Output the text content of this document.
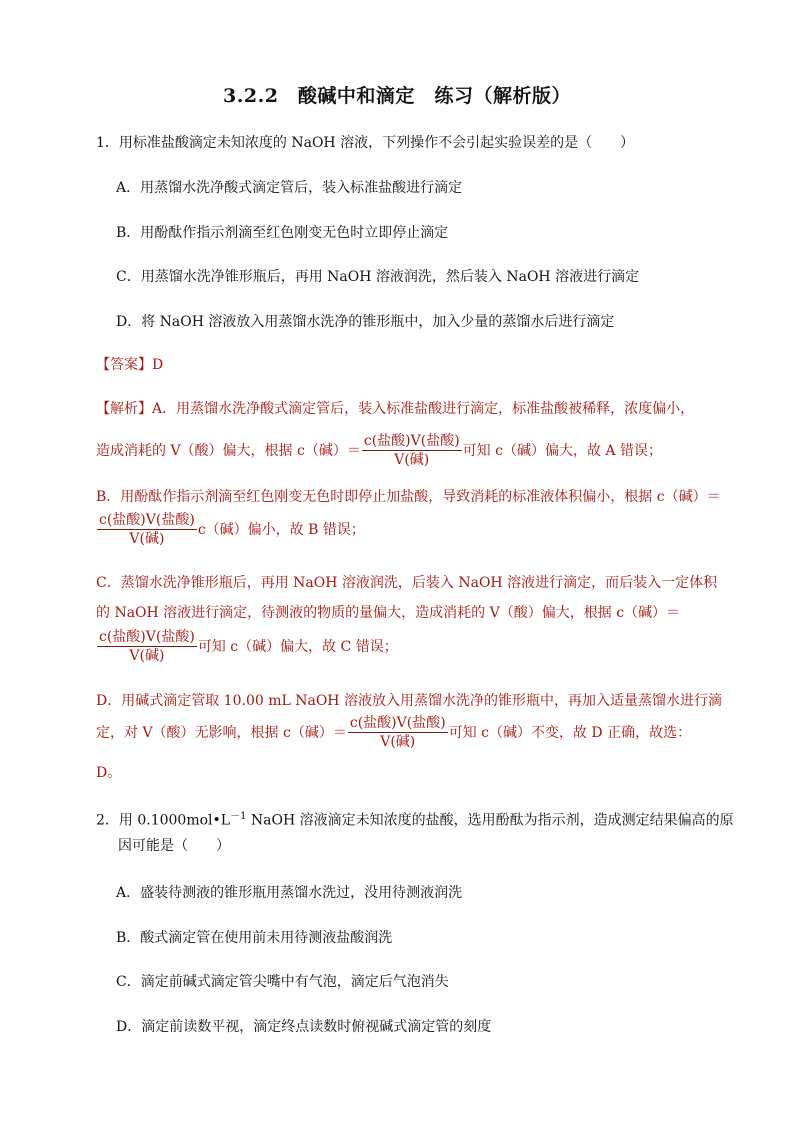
3.2.2　酸碱中和滴定　练习（解析版）
1．用标准盐酸滴定未知浓度的 NaOH 溶液，下列操作不会引起实验误差的是（　　）
A．用蒸馏水洗净酸式滴定管后，装入标准盐酸进行滴定
B．用酚酞作指示剂滴至红色刚变无色时立即停止滴定
C．用蒸馏水洗净锥形瓶后，再用 NaOH 溶液润洗，然后装入 NaOH 溶液进行滴定
D．将 NaOH 溶液放入用蒸馏水洗净的锥形瓶中，加入少量的蒸馏水后进行滴定
【答案】D
【解析】A．用蒸馏水洗净酸式滴定管后，装入标准盐酸进行滴定，标准盐酸被稀释，浓度偏小，
造成消耗的 V（酸）偏大，根据 c（碱）＝ $\frac{\text{c(盐酸)V(盐酸)}}{\text{V(碱)}}$ 可知 c（碱）偏大，故 A 错误；
B．用酚酞作指示剂滴至红色刚变无色时即停止加盐酸，导致消耗的标准液体积偏小，根据 c（碱）＝
$\frac{\text{c(盐酸)V(盐酸)}}{\text{V(碱)}} c$（碱）偏小，故 B 错误；
C．蒸馏水洗净锥形瓶后，再用 NaOH 溶液润洗，后装入 NaOH 溶液进行滴定，而后装入一定体积
的 NaOH 溶液进行滴定，待测液的物质的量偏大，造成消耗的 V（酸）偏大，根据 c（碱）＝
$\frac{\text{c(盐酸)V(盐酸)}}{\text{V(碱)}}$ 可知 c（碱）偏大，故 C 错误；
D．用碱式滴定管取 10.00 mL NaOH 溶液放入用蒸馏水洗净的锥形瓶中，再加入适量蒸馏水进行滴
定，对 V（酸）无影响，根据 c（碱）＝ $\frac{\text{c(盐酸)V(盐酸)}}{\text{V(碱)}}$ 可知 c（碱）不变，故 D 正确，故选：
D。
2．用 $0.1000mol•L^{-1}$ NaOH 溶液滴定未知浓度的盐酸，选用酚酞为指示剂，造成测定结果偏高的原
因可能是（　　）
A．盛装待测液的锥形瓶用蒸馏水洗过，没用待测液润洗
B．酸式滴定管在使用前未用待测液盐酸润洗
C．滴定前碱式滴定管尖嘴中有气泡，滴定后气泡消失
D．滴定前读数平视，滴定终点读数时俯视碱式滴定管的刻度
